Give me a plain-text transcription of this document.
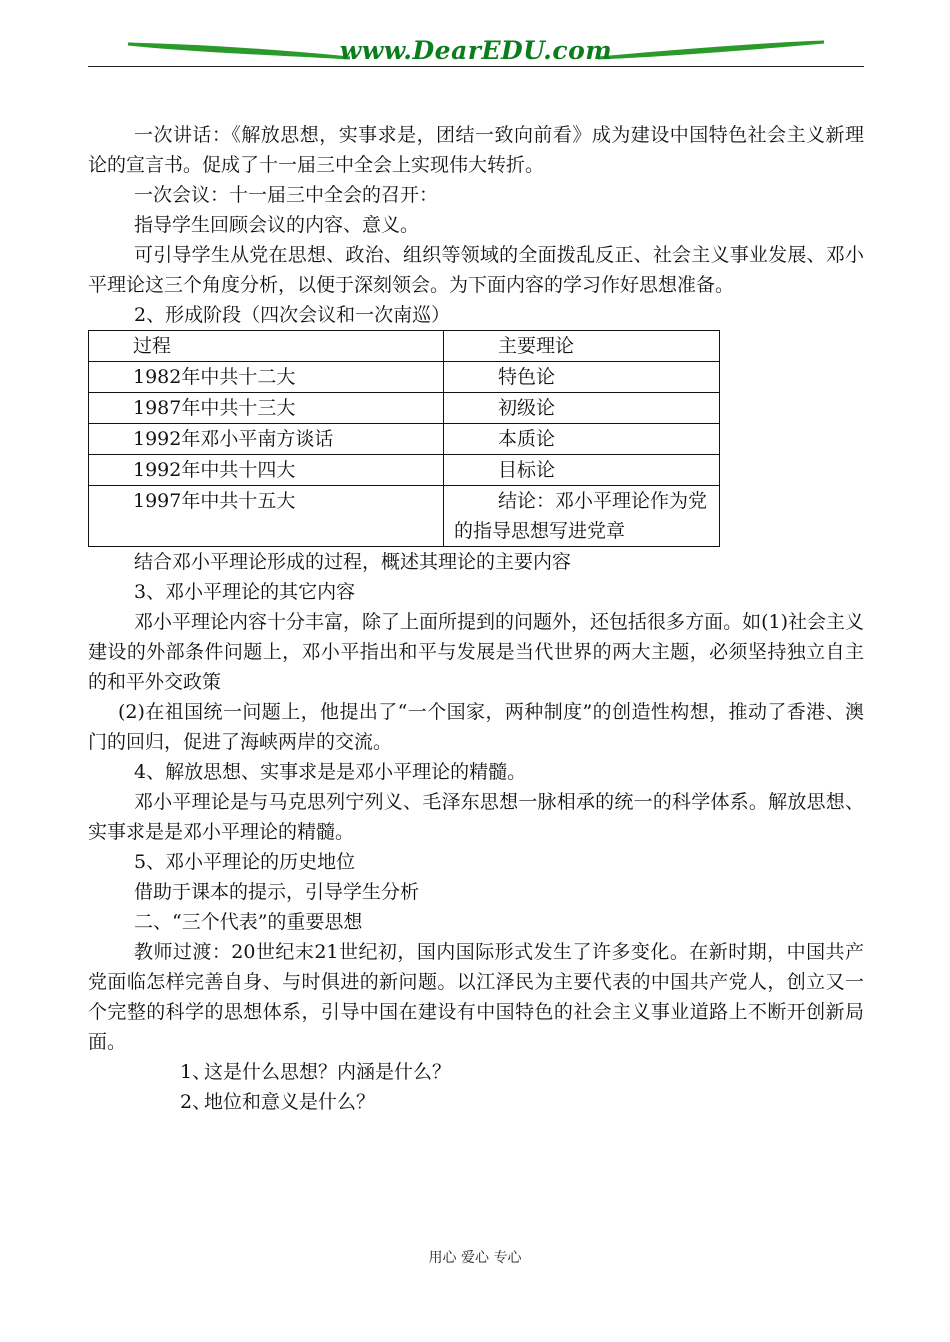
www.DearEDU.com

一次讲话：《解放思想，实事求是，团结一致向前看》成为建设中国特色社会主义新理论的宣言书。促成了十一届三中全会上实现伟大转折。

一次会议：十一届三中全会的召开：

指导学生回顾会议的内容、意义。

可引导学生从党在思想、政治、组织等领域的全面拨乱反正、社会主义事业发展、邓小平理论这三个角度分析，以便于深刻领会。为下面内容的学习作好思想准备。

2、形成阶段（四次会议和一次南巡）

过程	主要理论

1982年中共十二大	特色论

1987年中共十三大	初级论

1992年邓小平南方谈话	本质论

1992年中共十四大	目标论

1997年中共十五大	结论：邓小平理论作为党的指导思想写进党章

结合邓小平理论形成的过程，概述其理论的主要内容

3、邓小平理论的其它内容

邓小平理论内容十分丰富，除了上面所提到的问题外，还包括很多方面。如(1)社会主义建设的外部条件问题上，邓小平指出和平与发展是当代世界的两大主题，必须坚持独立自主的和平外交政策

(2)在祖国统一问题上，他提出了“一个国家，两种制度”的创造性构想，推动了香港、澳门的回归，促进了海峡两岸的交流。

4、解放思想、实事求是是邓小平理论的精髓。

邓小平理论是与马克思列宁列义、毛泽东思想一脉相承的统一的科学体系。解放思想、实事求是是邓小平理论的精髓。

5、邓小平理论的历史地位

借助于课本的提示，引导学生分析

二、“三个代表”的重要思想

教师过渡：20世纪末21世纪初，国内国际形式发生了许多变化。在新时期，中国共产党面临怎样完善自身、与时俱进的新问题。以江泽民为主要代表的中国共产党人，创立又一个完整的科学的思想体系，引导中国在建设有中国特色的社会主义事业道路上不断开创新局面。

1、这是什么思想？内涵是什么？

2、地位和意义是什么？

用心 爱心 专心
